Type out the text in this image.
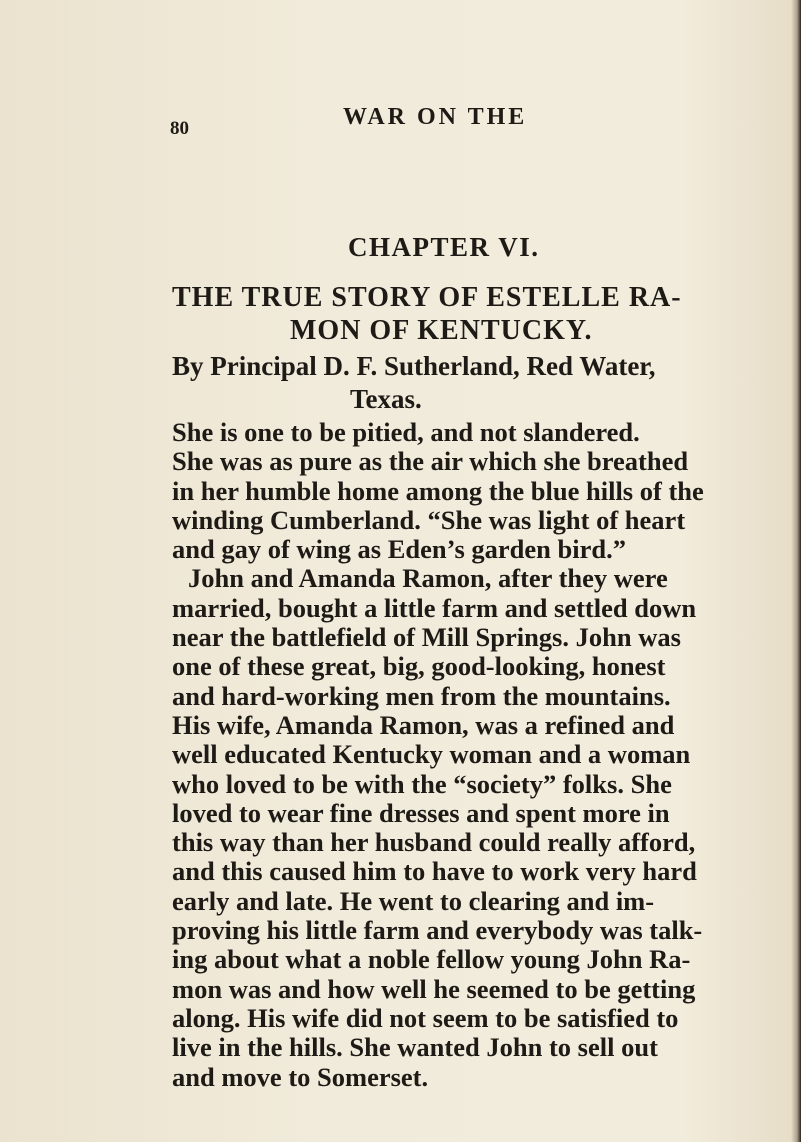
80	WAR ON THE
CHAPTER VI.
THE TRUE STORY OF ESTELLE RA-
MON OF KENTUCKY.
By Principal D. F. Sutherland, Red Water,
Texas.
She is one to be pitied, and not slandered.
She was as pure as the air which she breathed
in her humble home among the blue hills of the
winding Cumberland. “She was light of heart
and gay of wing as Eden’s garden bird.”
John and Amanda Ramon, after they were
married, bought a little farm and settled down
near the battlefield of Mill Springs. John was
one of these great, big, good-looking, honest
and hard-working men from the mountains.
His wife, Amanda Ramon, was a refined and
well educated Kentucky woman and a woman
who loved to be with the “society” folks. She
loved to wear fine dresses and spent more in
this way than her husband could really afford,
and this caused him to have to work very hard
early and late. He went to clearing and im-
proving his little farm and everybody was talk-
ing about what a noble fellow young John Ra-
mon was and how well he seemed to be getting
along. His wife did not seem to be satisfied to
live in the hills. She wanted John to sell out
and move to Somerset.
